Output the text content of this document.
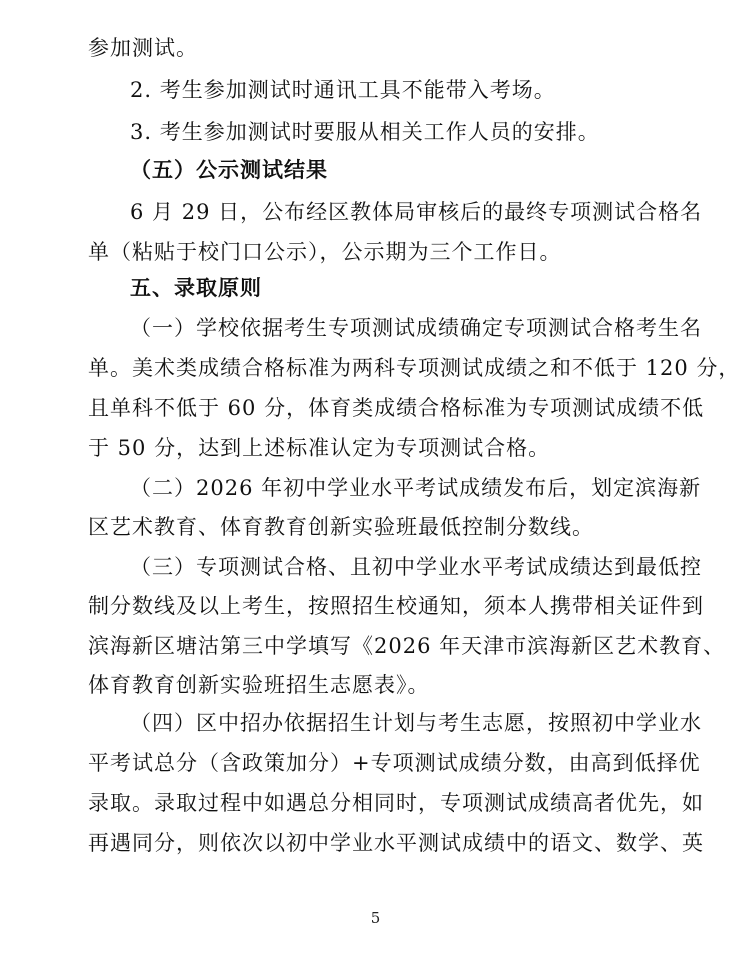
参加测试。
2. 考生参加测试时通讯工具不能带入考场。
3. 考生参加测试时要服从相关工作人员的安排。
（五）公示测试结果
6 月 29 日，公布经区教体局审核后的最终专项测试合格名
单（粘贴于校门口公示），公示期为三个工作日。
五、录取原则
（一）学校依据考生专项测试成绩确定专项测试合格考生名
单。美术类成绩合格标准为两科专项测试成绩之和不低于 120 分，
且单科不低于 60 分，体育类成绩合格标准为专项测试成绩不低
于 50 分，达到上述标准认定为专项测试合格。
（二）2026 年初中学业水平考试成绩发布后，划定滨海新
区艺术教育、体育教育创新实验班最低控制分数线。
（三）专项测试合格、且初中学业水平考试成绩达到最低控
制分数线及以上考生，按照招生校通知，须本人携带相关证件到
滨海新区塘沽第三中学填写《2026 年天津市滨海新区艺术教育、
体育教育创新实验班招生志愿表》。
（四）区中招办依据招生计划与考生志愿，按照初中学业水
平考试总分（含政策加分）+专项测试成绩分数，由高到低择优
录取。录取过程中如遇总分相同时，专项测试成绩高者优先，如
再遇同分，则依次以初中学业水平测试成绩中的语文、数学、英
5
